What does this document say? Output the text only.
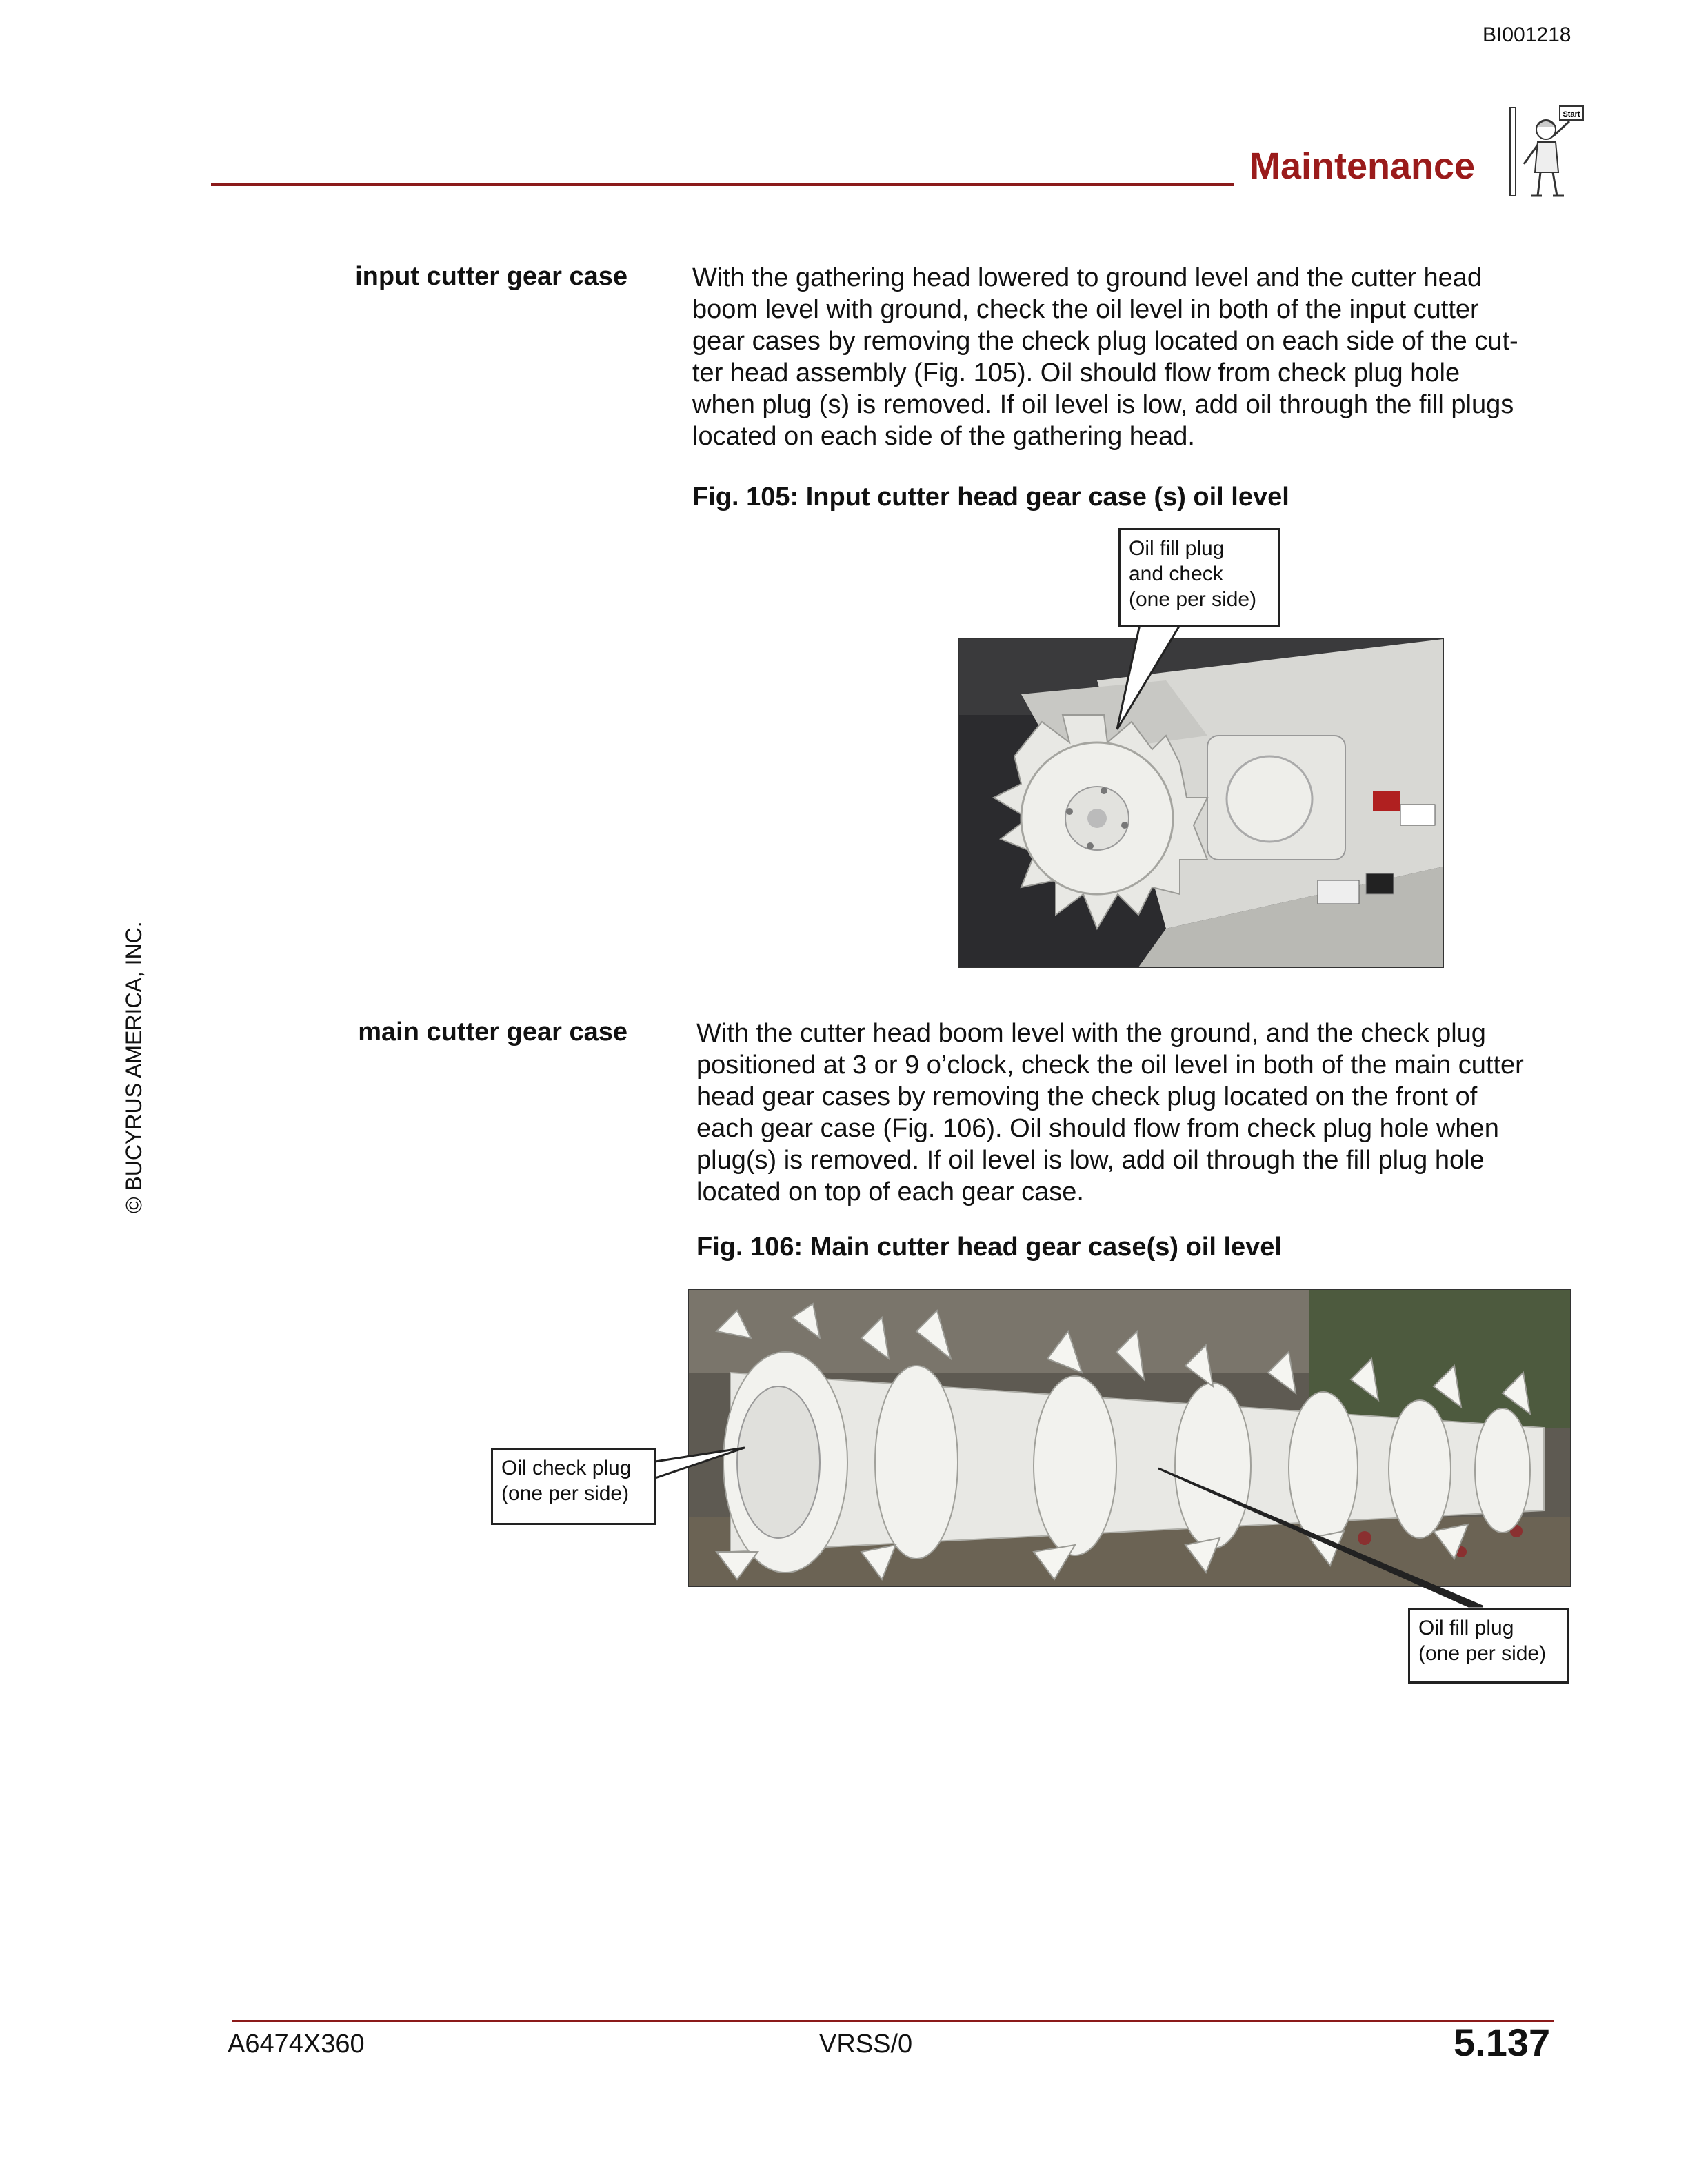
BI001218
Maintenance
Start
© BUCYRUS AMERICA, INC.
input cutter gear case With the gathering head lowered to ground level and the cutter head
boom level with ground, check the oil level in both of the input cutter
gear cases by removing the check plug located on each side of the cut-
ter head assembly (Fig. 105). Oil should flow from check plug hole
when plug (s) is removed. If oil level is low, add oil through the fill plugs
located on each side of the gathering head.
Fig. 105: Input cutter head gear case (s) oil level
Oil fill plug
and check
(one per side)
main cutter gear case	With the cutter head boom level with the ground, and the check plug
positioned at 3 or 9 o’clock, check the oil level in both of the main cutter
head gear cases by removing the check plug located on the front of
each gear case (Fig. 106). Oil should flow from check plug hole when
plug(s) is removed. If oil level is low, add oil through the fill plug hole
located on top of each gear case.
Fig. 106: Main cutter head gear case(s) oil level
Oil check plug
(one per side)
Oil fill plug
(one per side)
A6474X360	VRSS/0	5.137
